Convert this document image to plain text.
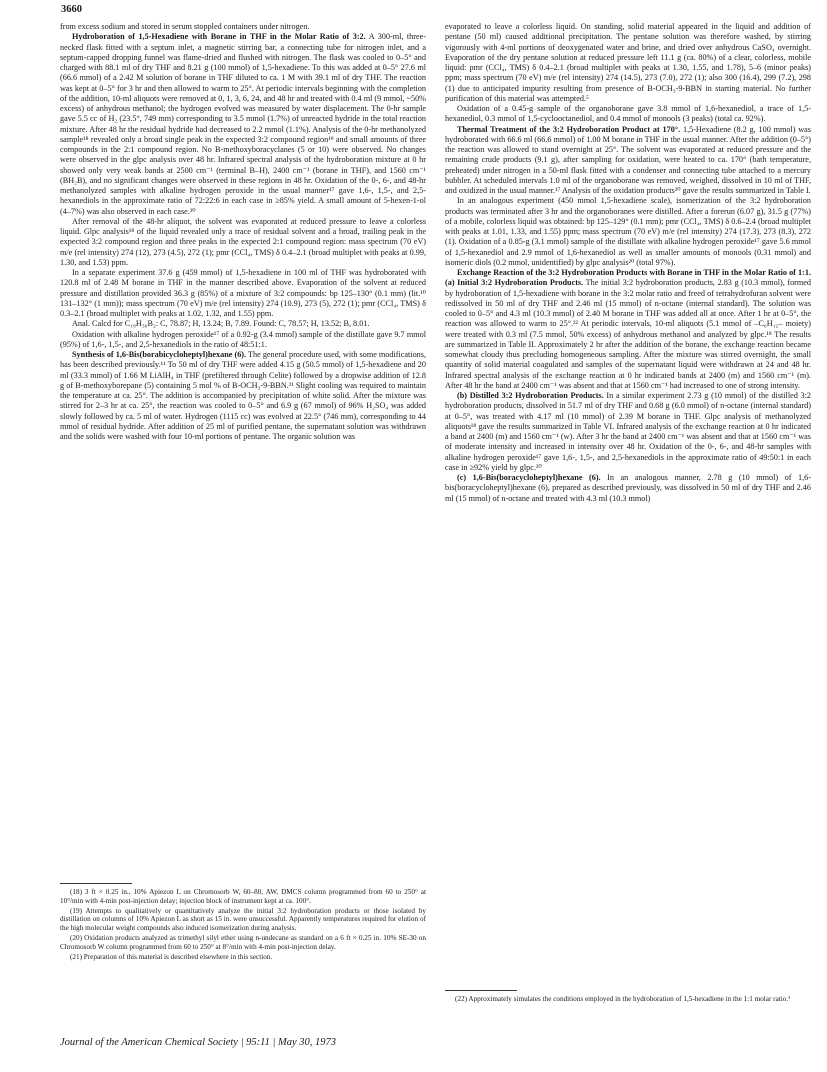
3660

from excess sodium and stored in serum stoppled containers under nitrogen.

Hydroboration of 1,5-Hexadiene with Borane in THF in the Molar Ratio of 3:2. A 300-ml, three-necked flask fitted with a septum inlet, a magnetic stirring bar, a connecting tube for nitrogen inlet, and a septum-capped dropping funnel was flame-dried and flushed with nitrogen. The flask was cooled to 0–5° and charged with 88.1 ml of dry THF and 8.21 g (100 mmol) of 1,5-hexadiene. To this was added at 0–5° 27.6 ml (66.6 mmol) of a 2.42 M solution of borane in THF diluted to ca. 1 M with 39.1 ml of dry THF. The reaction was kept at 0–5° for 3 hr and then allowed to warm to 25°. At periodic intervals beginning with the completion of the addition, 10-ml aliquots were removed at 0, 1, 3, 6, 24, and 48 hr and treated with 0.4 ml (9 mmol, ~50% excess) of anhydrous methanol; the hydrogen evolved was measured by water displacement. The 0-hr sample gave 5.5 cc of H₂ (23.5°, 749 mm) corresponding to 3.5 mmol (1.7%) of unreacted hydride in the total reaction mixture. After 48 hr the residual hydride had decreased to 2.2 mmol (1.1%). Analysis of the 0-hr methanolyzed sample¹⁸ revealed only a broad single peak in the expected 3:2 compound region¹⁹ and small amounts of three compounds in the 2:1 compound region. No B-methoxyboracyclanes (5 or 10) were observed. No changes were observed in the glpc analysis over 48 hr. Infrared spectral analysis of the hydroboration mixture at 0 hr showed only very weak bands at 2500 cm⁻¹ (terminal B–H), 2400 cm⁻¹ (borane in THF), and 1560 cm⁻¹ (BH₂B), and no significant changes were observed in these regions in 48 hr. Oxidation of the 0-, 6-, and 48-hr methanolyzed samples with alkaline hydrogen peroxide in the usual manner¹⁷ gave 1,6-, 1,5-, and 2,5-hexanediols in the approximate ratio of 72:22:6 in each case in ≥85% yield. A small amount of 5-hexen-1-ol (4–7%) was also observed in each case.²⁰

After removal of the 48-hr aliquot, the solvent was evaporated at reduced pressure to leave a colorless liquid. Glpc analysis¹⁸ of the liquid revealed only a trace of residual solvent and a broad, trailing peak in the expected 3:2 compound region and three peaks in the expected 2:1 compound region: mass spectrum (70 eV) m/e (rel intensity) 274 (12), 273 (4.5), 272 (1); pmr (CCl₄, TMS) δ 0.4–2.1 (broad multiplet with peaks at 0.99, 1.30, and 1.53) ppm.

In a separate experiment 37.6 g (459 mmol) of 1,5-hexadiene in 100 ml of THF was hydroborated with 120.8 ml of 2.48 M borane in THF in the manner described above. Evaporation of the solvent at reduced pressure and distillation provided 36.3 g (85%) of a mixture of 3:2 compounds: bp 125–130° (0.1 mm) (lit.¹⁰ 131–132° (1 mm)); mass spectrum (70 eV) m/e (rel intensity) 274 (10.9), 273 (5), 272 (1); pmr (CCl₄, TMS) δ 0.3–2.1 (broad multiplet with peaks at 1.02, 1.32, and 1.55) ppm.

Anal. Calcd for C₁₈H₃₆B₂: C, 78.87; H, 13.24; B, 7.89. Found: C, 78.57; H, 13.52; B, 8.01.

Oxidation with alkaline hydrogen peroxide¹⁷ of a 0.92-g (3.4 mmol) sample of the distillate gave 9.7 mmol (95%) of 1,6-, 1,5-, and 2,5-hexanediols in the ratio of 48:51:1.

Synthesis of 1,6-Bis(borabicycloheptyl)hexane (6). The general procedure used, with some modifications, has been described previously.¹¹ To 50 ml of dry THF were added 4.15 g (50.5 mmol) of 1,5-hexadiene and 20 ml (33.3 mmol) of 1.66 M LiAlH₄ in THF (prefiltered through Celite) followed by a dropwise addition of 12.8 g of B-methoxyborepane (5) containing 5 mol % of B-OCH₃-9-BBN.²¹ Slight cooling was required to maintain the temperature at ca. 25°. The addition is accompanied by precipitation of white solid. After the mixture was stirred for 2–3 hr at ca. 25°, the reaction was cooled to 0–5° and 6.9 g (67 mmol) of 96% H₂SO₄ was added slowly followed by ca. 5 ml of water. Hydrogen (1115 cc) was evolved at 22.5° (746 mm), corresponding to 44 mmol of residual hydride. After addition of 25 ml of purified pentane, the supernatant solution was withdrawn and the solids were washed with four 10-ml portions of pentane. The organic solution was

evaporated to leave a colorless liquid. On standing, solid material appeared in the liquid and addition of pentane (50 ml) caused additional precipitation. The pentane solution was therefore washed, by stirring vigorously with 4-ml portions of deoxygenated water and brine, and dried over anhydrous CaSO₄ overnight. Evaporation of the dry pentane solution at reduced pressure left 11.1 g (ca. 80%) of a clear, colorless, mobile liquid: pmr (CCl₄, TMS) δ 0.4–2.1 (broad multiplet with peaks at 1.30, 1.55, and 1.78), 5–6 (minor peaks) ppm; mass spectrum (70 eV) m/e (rel intensity) 274 (14.5), 273 (7.0), 272 (1); also 300 (16.4), 299 (7.2), 298 (1) due to anticipated impurity resulting from presence of B-OCH₃-9-BBN in starting material. No further purification of this material was attempted.⁵

Oxidation of a 0.45-g sample of the organoborane gave 3.8 mmol of 1,6-hexanediol, a trace of 1,5-hexanediol, 0.3 mmol of 1,5-cyclooctanediol, and 0.4 mmol of monools (3 peaks) (total ca. 92%).

Thermal Treatment of the 3:2 Hydroboration Product at 170°. 1,5-Hexadiene (8.2 g, 100 mmol) was hydroborated with 66.6 ml (66.6 mmol) of 1.00 M borane in THF in the usual manner. After the addition (0–5°) the reaction was allowed to stand overnight at 25°. The solvent was evaporated at reduced pressure and the remaining crude products (9.1 g), after sampling for oxidation, were heated to ca. 170° (bath temperature, preheated) under nitrogen in a 50-ml flask fitted with a condenser and connecting tube attached to a mercury bubbler. At scheduled intervals 1.0 ml of the organoborane was removed, weighed, dissolved in 10 ml of THF, and oxidized in the usual manner.¹⁷ Analysis of the oxidation products²⁰ gave the results summarized in Table I.

In an analogous experiment (450 mmol 1,5-hexadiene scale), isomerization of the 3:2 hydroboration products was terminated after 3 hr and the organoboranes were distilled. After a forerun (6.07 g), 31.5 g (77%) of a mobile, colorless liquid was obtained: bp 125–129° (0.1 mm); pmr (CCl₄, TMS) δ 0.6–2.4 (broad multiplet with peaks at 1.01, 1.33, and 1.55) ppm; mass spectrum (70 eV) m/e (rel intensity) 274 (17.3), 273 (8.3), 272 (1). Oxidation of a 0.85-g (3.1 mmol) sample of the distillate with alkaline hydrogen peroxide¹⁷ gave 5.6 mmol of 1,5-hexanediol and 2.9 mmol of 1,6-hexanediol as well as smaller amounts of monools (0.31 mmol) and isomeric diols (0.2 mmol, unidentified) by glpc analysis²⁰ (total 97%).

Exchange Reaction of the 3:2 Hydroboration Products with Borane in THF in the Molar Ratio of 1:1. (a) Initial 3:2 Hydroboration Products. The initial 3:2 hydroboration products, 2.83 g (10.3 mmol), formed by hydroboration of 1,5-hexadiene with borane in the 3:2 molar ratio and freed of tetrahydrofuran solvent were redissolved in 50 ml of dry THF and 2.46 ml (15 mmol) of n-octane (internal standard). The solution was cooled to 0–5° and 4.3 ml (10.3 mmol) of 2.40 M borane in THF was added all at once. After 1 hr at 0–5°, the reaction was allowed to warm to 25°.²² At periodic intervals, 10-ml aliquots (5.1 mmol of –C₆H₁₂– moiety) were treated with 0.3 ml (7.5 mmol, 50% excess) of anhydrous methanol and analyzed by glpc.¹⁸ The results are summarized in Table II. Approximately 2 hr after the addition of the borane, the exchange reaction became somewhat cloudy thus precluding homogeneous sampling. After the mixture was stirred overnight, the small quantity of solid material coagulated and samples of the supernatant liquid were withdrawn at 24 and 48 hr. Infrared spectral analysis of the exchange reaction at 0 hr indicated bands at 2400 (m) and 1560 cm⁻¹ (m). After 48 hr the band at 2400 cm⁻¹ was absent and that at 1560 cm⁻¹ had increased to one of strong intensity.

(b) Distilled 3:2 Hydroboration Products. In a similar experiment 2.73 g (10 mmol) of the distilled 3:2 hydroboration products, dissolved in 51.7 ml of dry THF and 0.68 g (6.0 mmol) of n-octane (internal standard) at 0–5°, was treated with 4.17 ml (10 mmol) of 2.39 M borane in THF. Glpc analysis of methanolyzed aliquots¹⁸ gave the results summarized in Table VI. Infrared analysis of the exchange reaction at 0 hr indicated a band at 2400 (m) and 1560 cm⁻¹ (w). After 3 hr the band at 2400 cm⁻¹ was absent and that at 1560 cm⁻¹ was of moderate intensity and increased in intensity over 48 hr. Oxidation of the 0-, 6-, and 48-hr samples with alkaline hydrogen peroxide¹⁷ gave 1,6-, 1,5-, and 2,5-hexanediols in the approximate ratio of 49:50:1 in each case in ≥92% yield by glpc.²⁰

(c) 1,6-Bis(boracycloheptyl)hexane (6). In an analogous manner, 2.78 g (10 mmol) of 1,6-bis(boracycloheptyl)hexane (6), prepared as described previously, was dissolved in 50 ml of dry THF and 2.46 ml (15 mmol) of n-octane and treated with 4.3 ml (10.3 mmol)

(18) 3 ft × 0.25 in., 10% Apiezon L on Chromosorb W, 60–80, AW, DMCS column programmed from 60 to 250° at 10°/min with 4-min post-injection delay; injection block of instrument kept at ca. 100°.

(19) Attempts to qualitatively or quantitatively analyze the initial 3:2 hydroboration products or those isolated by distillation on columns of 10% Apiezon L as short as 15 in. were unsuccessful. Apparently temperatures required for elution of the high molecular weight compounds also induced isomerization during analysis.

(20) Oxidation products analyzed as trimethyl silyl ether using n-undecane as standard on a 6 ft × 0.25 in. 10% SE-30 on Chromosorb W column programmed from 60 to 250° at 8°/min with 4-min post-injection delay.

(21) Preparation of this material is described elsewhere in this section.

(22) Approximately simulates the conditions employed in the hydroboration of 1,5-hexadiene in the 1:1 molar ratio.³

Journal of the American Chemical Society | 95:11 | May 30, 1973
